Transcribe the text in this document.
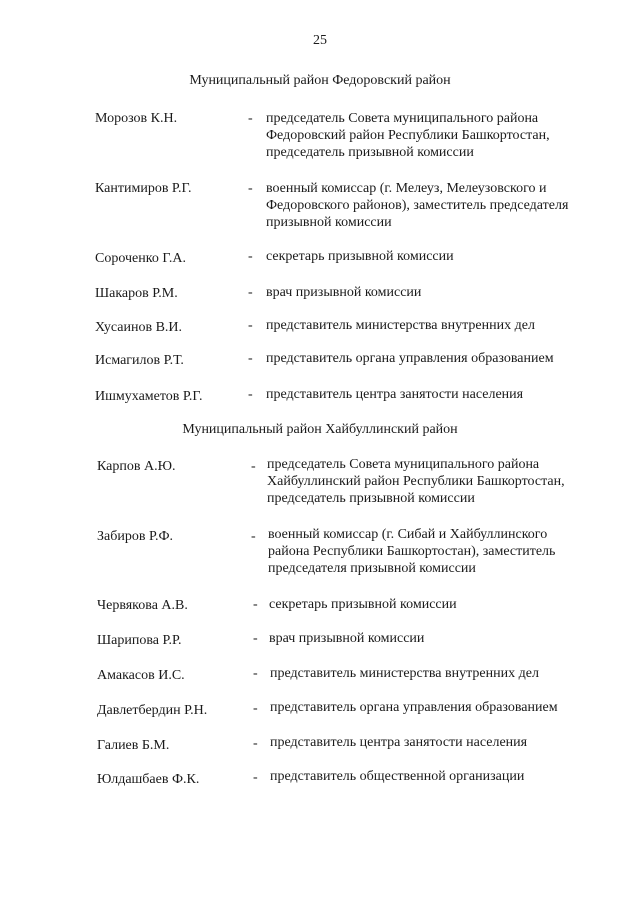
25
Муниципальный район Федоровский район
Морозов К.Н.	- председатель Совета муниципального района
Федоровский район Республики Башкортостан,
председатель призывной комиссии
Кантимиров Р.Г.	- военный комиссар (г. Мелеуз, Мелеузовского и
Федоровского районов), заместитель председателя
призывной комиссии
Сороченко Г.А.	- секретарь призывной комиссии
Шакаров Р.М.	- врач призывной комиссии
Хусаинов В.И.	- представитель министерства внутренних дел
Исмагилов Р.Т.	- представитель органа управления образованием
Ишмухаметов Р.Г.	- представитель центра занятости населения
Муниципальный район Хайбуллинский район
Карпов А.Ю.	- председатель Совета муниципального района
Хайбуллинский район Республики Башкортостан,
председатель призывной комиссии
Забиров Р.Ф.	- военный комиссар (г. Сибай и Хайбуллинского
района Республики Башкортостан), заместитель
председателя призывной комиссии
Червякова А.В.	- секретарь призывной комиссии
Шарипова Р.Р.	- врач призывной комиссии
Амакасов И.С.	- представитель министерства внутренних дел
Давлетбердин Р.Н.	- представитель органа управления образованием
Галиев Б.М.	- представитель центра занятости населения
Юлдашбаев Ф.К.	- представитель общественной организации
